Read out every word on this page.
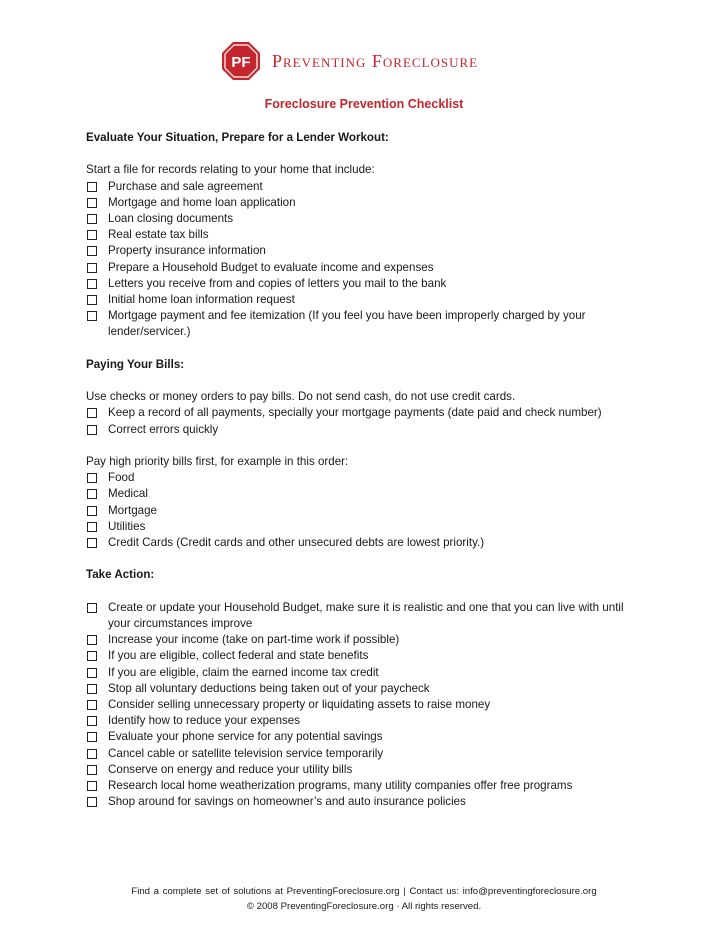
PF Preventing Foreclosure
Foreclosure Prevention Checklist
Evaluate Your Situation, Prepare for a Lender Workout:
Start a file for records relating to your home that include:
Purchase and sale agreement
Mortgage and home loan application
Loan closing documents
Real estate tax bills
Property insurance information
Prepare a Household Budget to evaluate income and expenses
Letters you receive from and copies of letters you mail to the bank
Initial home loan information request
Mortgage payment and fee itemization (If you feel you have been improperly charged by your lender/servicer.)
Paying Your Bills:
Use checks or money orders to pay bills. Do not send cash, do not use credit cards.
Keep a record of all payments, specially your mortgage payments (date paid and check number)
Correct errors quickly
Pay high priority bills first, for example in this order:
Food
Medical
Mortgage
Utilities
Credit Cards (Credit cards and other unsecured debts are lowest priority.)
Take Action:
Create or update your Household Budget, make sure it is realistic and one that you can live with until your circumstances improve
Increase your income (take on part-time work if possible)
If you are eligible, collect federal and state benefits
If you are eligible, claim the earned income tax credit
Stop all voluntary deductions being taken out of your paycheck
Consider selling unnecessary property or liquidating assets to raise money
Identify how to reduce your expenses
Evaluate your phone service for any potential savings
Cancel cable or satellite television service temporarily
Conserve on energy and reduce your utility bills
Research local home weatherization programs, many utility companies offer free programs
Shop around for savings on homeowner’s and auto insurance policies
Find a complete set of solutions at PreventingForeclosure.org | Contact us: info@preventingforeclosure.org
© 2008 PreventingForeclosure.org · All rights reserved.
